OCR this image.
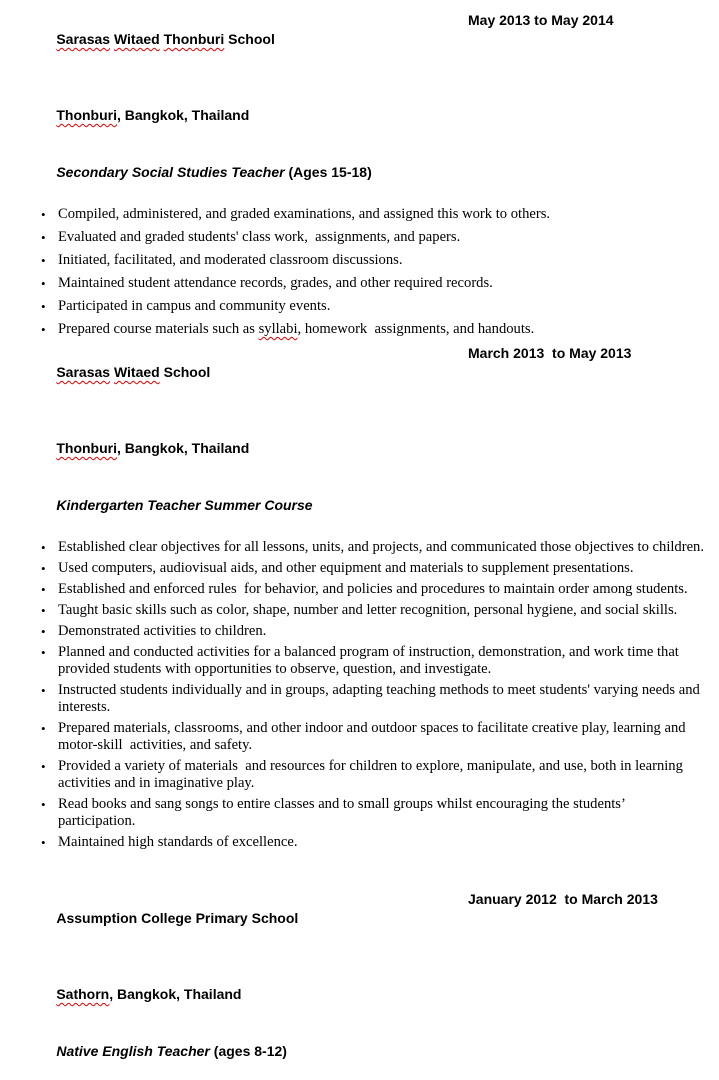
Sarasas Witaed Thonburi School

May 2013 to May 2014

Thonburi, Bangkok, Thailand

Secondary Social Studies Teacher (Ages 15-18)

• Compiled, administered, and graded examinations, and assigned this work to others.
• Evaluated and graded students' class work,  assignments, and papers.
• Initiated, facilitated, and moderated classroom discussions.
• Maintained student attendance records, grades, and other required records.
• Participated in campus and community events.
• Prepared course materials such as syllabi, homework  assignments, and handouts.

Sarasas Witaed School

March 2013  to May 2013

Thonburi, Bangkok, Thailand

Kindergarten Teacher Summer Course

• Established clear objectives for all lessons, units, and projects, and communicated those objectives to children.
• Used computers, audiovisual aids, and other equipment and materials to supplement presentations.
• Established and enforced rules  for behavior, and policies and procedures to maintain order among students.
• Taught basic skills such as color, shape, number and letter recognition, personal hygiene, and social skills.
• Demonstrated activities to children.
• Planned and conducted activities for a balanced program of instruction, demonstration, and work time that provided students with opportunities to observe, question, and investigate.
• Instructed students individually and in groups, adapting teaching methods to meet students' varying needs and interests.
• Prepared materials, classrooms, and other indoor and outdoor spaces to facilitate creative play, learning and motor-skill  activities, and safety.
• Provided a variety of materials  and resources for children to explore, manipulate, and use, both in learning activities and in imaginative play.
• Read books and sang songs to entire classes and to small groups whilst encouraging the students’ participation.
• Maintained high standards of excellence.

Assumption College Primary School

January 2012  to March 2013

Sathorn, Bangkok, Thailand

Native English Teacher (ages 8-12)
